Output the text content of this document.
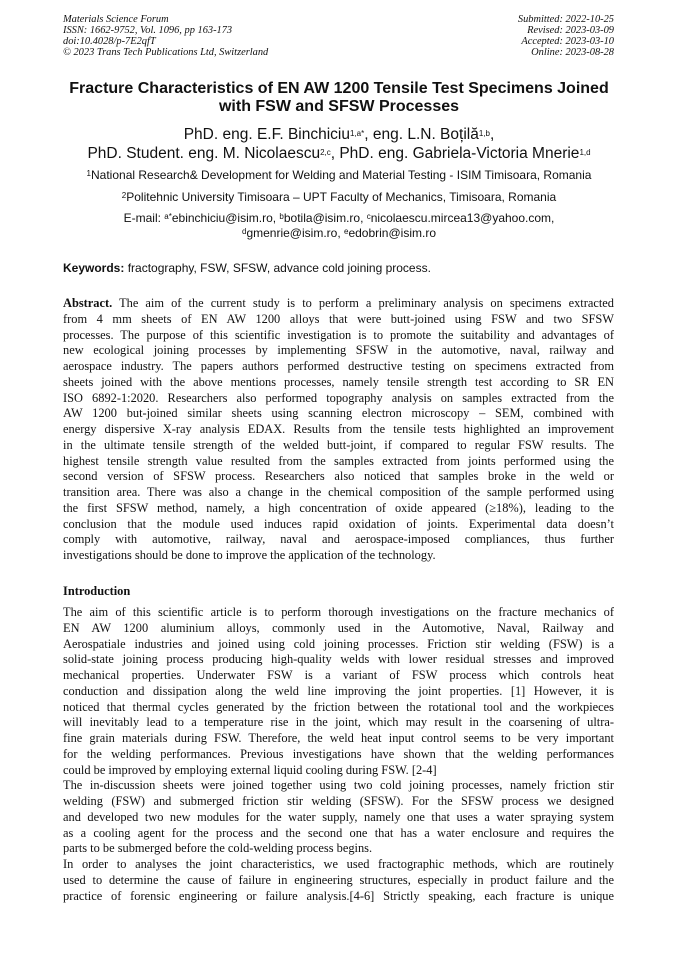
Materials Science Forum
ISSN: 1662-9752, Vol. 1096, pp 163-173
doi:10.4028/p-7E2qfT
© 2023 Trans Tech Publications Ltd, Switzerland
Submitted: 2022-10-25
Revised: 2023-03-09
Accepted: 2023-03-10
Online: 2023-08-28
Fracture Characteristics of EN AW 1200 Tensile Test Specimens Joined
with FSW and SFSW Processes
PhD. eng. E.F. Binchiciu$^{1,a*}$, eng. L.N. Boțilă$^{1,b}$,
PhD. Student. eng. M. Nicolaescu$^{2,c}$, PhD. eng. Gabriela-Victoria Mnerie$^{1,d}$
$^1$National Research& Development for Welding and Material Testing - ISIM Timisoara, Romania
$^2$Politehnic University Timisoara – UPT Faculty of Mechanics, Timisoara, Romania
E-mail: $^{a*}$ebinchiciu@isim.ro, $^b$botila@isim.ro, $^c$nicolaescu.mircea13@yahoo.com,
$^d$gmenrie@isim.ro, $^e$edobrin@isim.ro
Keywords: fractography, FSW, SFSW, advance cold joining process.
Abstract. The aim of the current study is to perform a preliminary analysis on specimens extracted
from 4 mm sheets of EN AW 1200 alloys that were butt-joined using FSW and two SFSW
processes. The purpose of this scientific investigation is to promote the suitability and advantages of
new ecological joining processes by implementing SFSW in the automotive, naval, railway and
aerospace industry. The papers authors performed destructive testing on specimens extracted from
sheets joined with the above mentions processes, namely tensile strength test according to SR EN
ISO 6892-1:2020. Researchers also performed topography analysis on samples extracted from the
AW 1200 but-joined similar sheets using scanning electron microscopy – SEM, combined with
energy dispersive X-ray analysis EDAX. Results from the tensile tests highlighted an improvement
in the ultimate tensile strength of the welded butt-joint, if compared to regular FSW results. The
highest tensile strength value resulted from the samples extracted from joints performed using the
second version of SFSW process. Researchers also noticed that samples broke in the weld or
transition area. There was also a change in the chemical composition of the sample performed using
the first SFSW method, namely, a high concentration of oxide appeared (≥18%), leading to the
conclusion that the module used induces rapid oxidation of joints. Experimental data doesn’t
comply with automotive, railway, naval and aerospace-imposed compliances, thus further
investigations should be done to improve the application of the technology.
Introduction
The aim of this scientific article is to perform thorough investigations on the fracture mechanics of
EN AW 1200 aluminium alloys, commonly used in the Automotive, Naval, Railway and
Aerospatiale industries and joined using cold joining processes. Friction stir welding (FSW) is a
solid-state joining process producing high-quality welds with lower residual stresses and improved
mechanical properties. Underwater FSW is a variant of FSW process which controls heat
conduction and dissipation along the weld line improving the joint properties. [1] However, it is
noticed that thermal cycles generated by the friction between the rotational tool and the workpieces
will inevitably lead to a temperature rise in the joint, which may result in the coarsening of ultra-
fine grain materials during FSW. Therefore, the weld heat input control seems to be very important
for the welding performances. Previous investigations have shown that the welding performances
could be improved by employing external liquid cooling during FSW. [2-4]
The in-discussion sheets were joined together using two cold joining processes, namely friction stir
welding (FSW) and submerged friction stir welding (SFSW). For the SFSW process we designed
and developed two new modules for the water supply, namely one that uses a water spraying system
as a cooling agent for the process and the second one that has a water enclosure and requires the
parts to be submerged before the cold-welding process begins.
In order to analyses the joint characteristics, we used fractographic methods, which are routinely
used to determine the cause of failure in engineering structures, especially in product failure and the
practice of forensic engineering or failure analysis.[4-6] Strictly speaking, each fracture is unique
